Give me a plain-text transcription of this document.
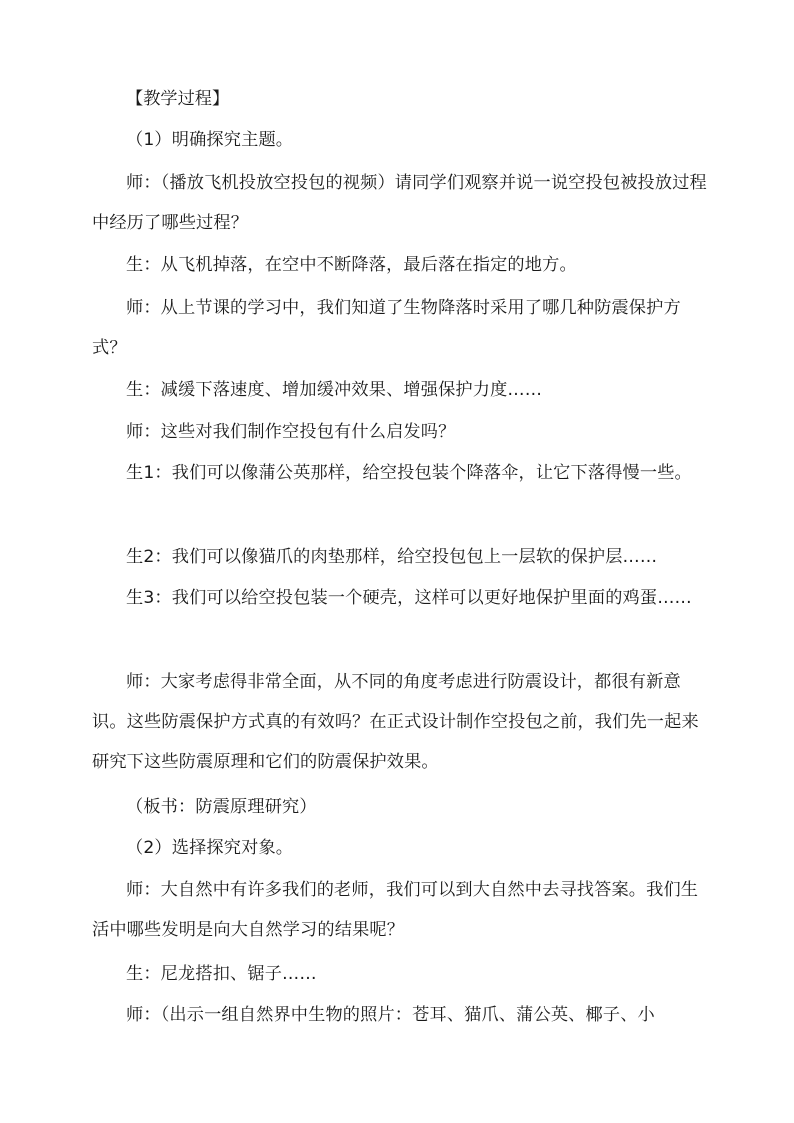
【教学过程】

（1）明确探究主题。

师：（播放飞机投放空投包的视频）请同学们观察并说一说空投包被投放过程中经历了哪些过程？

生：从飞机掉落，在空中不断降落，最后落在指定的地方。

师：从上节课的学习中，我们知道了生物降落时采用了哪几种防震保护方式？

生：减缓下落速度、增加缓冲效果、增强保护力度……

师：这些对我们制作空投包有什么启发吗？

生1：我们可以像蒲公英那样，给空投包装个降落伞，让它下落得慢一些。

生2：我们可以像猫爪的肉垫那样，给空投包包上一层软的保护层……

生3：我们可以给空投包装一个硬壳，这样可以更好地保护里面的鸡蛋……

师：大家考虑得非常全面，从不同的角度考虑进行防震设计，都很有新意识。这些防震保护方式真的有效吗？在正式设计制作空投包之前，我们先一起来研究下这些防震原理和它们的防震保护效果。

（板书：防震原理研究）

（2）选择探究对象。

师：大自然中有许多我们的老师，我们可以到大自然中去寻找答案。我们生活中哪些发明是向大自然学习的结果呢？

生：尼龙搭扣、锯子……

师：（出示一组自然界中生物的照片：苍耳、猫爪、蒲公英、椰子、小
